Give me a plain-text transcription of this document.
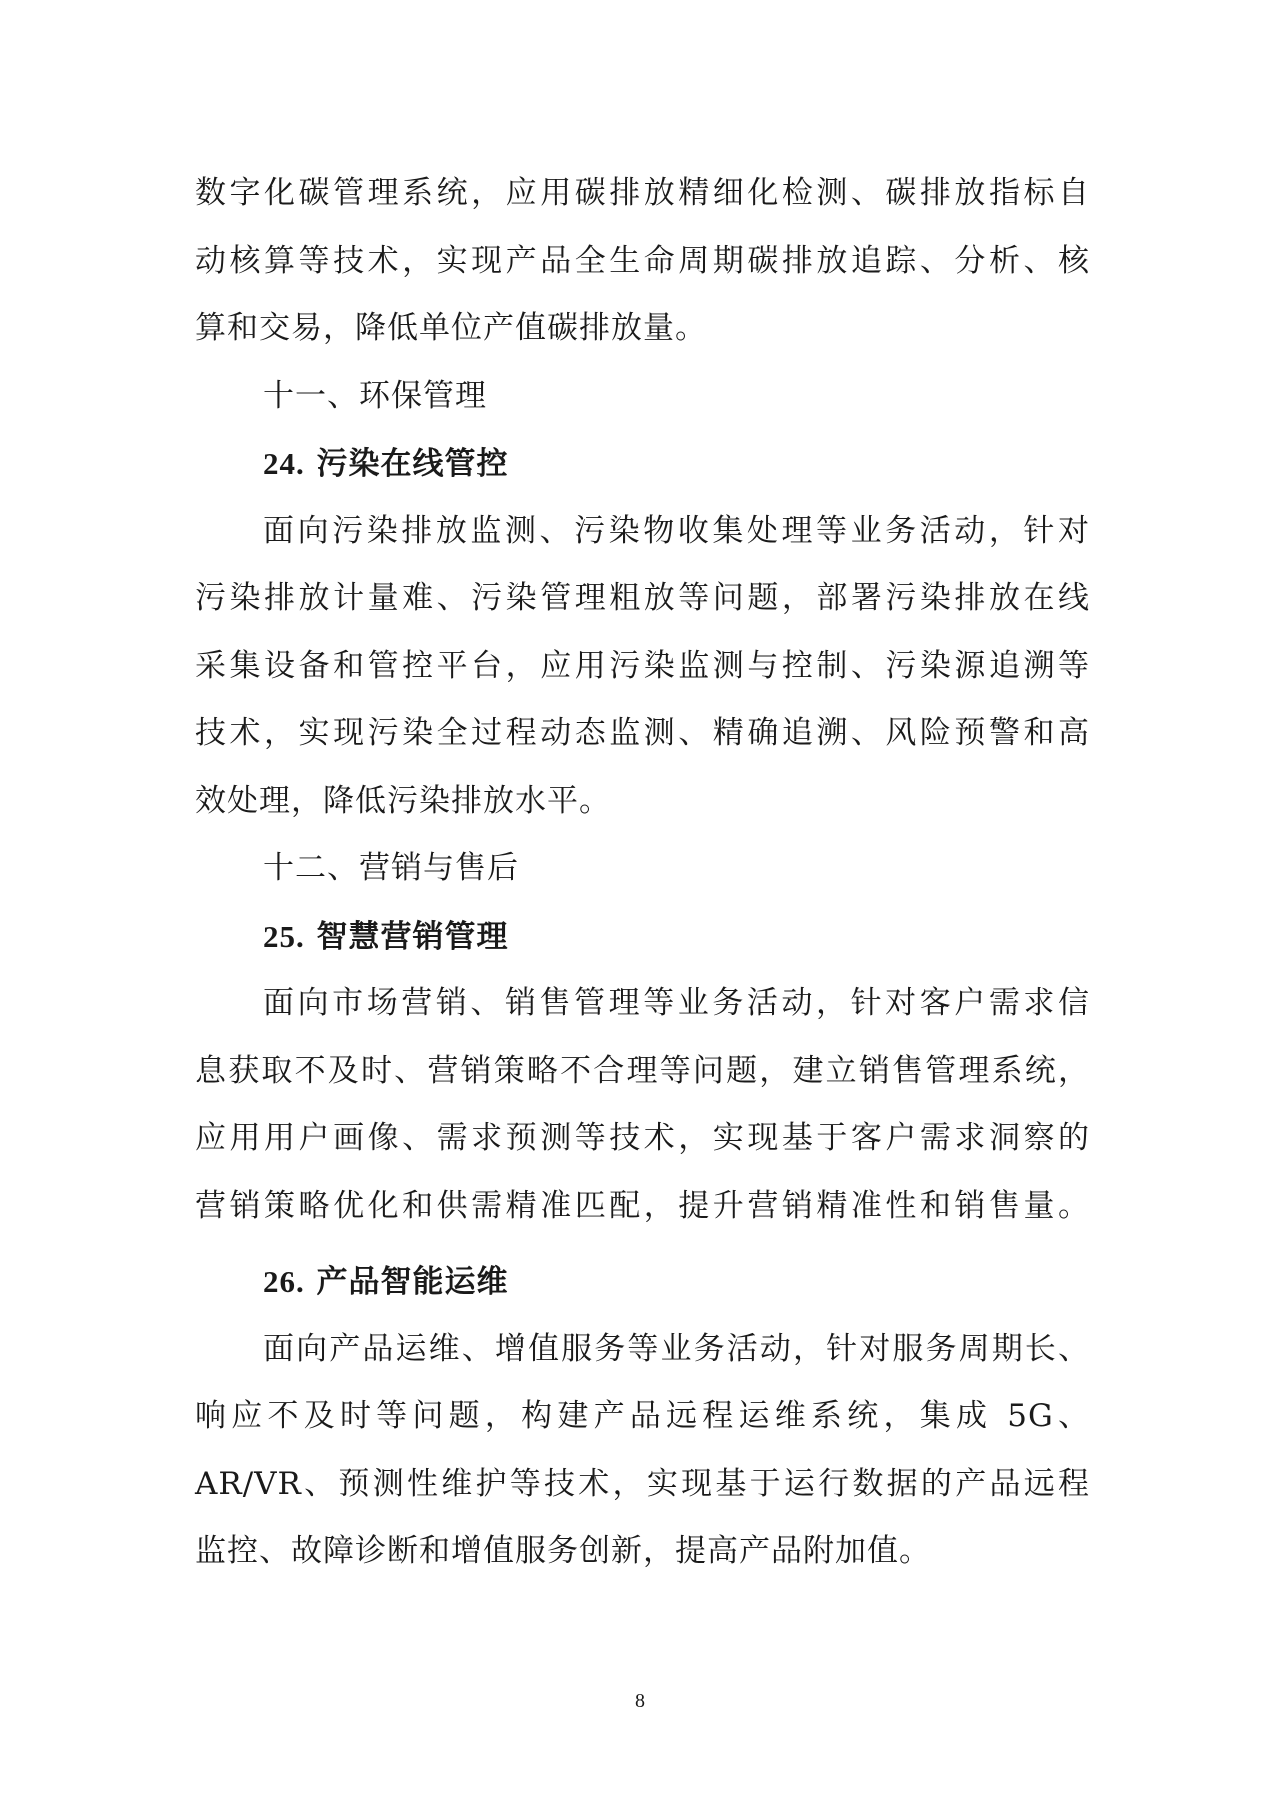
数字化碳管理系统，应用碳排放精细化检测、碳排放指标自
动核算等技术，实现产品全生命周期碳排放追踪、分析、核
算和交易，降低单位产值碳排放量。
十一、环保管理
24. 污染在线管控
面向污染排放监测、污染物收集处理等业务活动，针对
污染排放计量难、污染管理粗放等问题，部署污染排放在线
采集设备和管控平台，应用污染监测与控制、污染源追溯等
技术，实现污染全过程动态监测、精确追溯、风险预警和高
效处理，降低污染排放水平。
十二、营销与售后
25. 智慧营销管理
面向市场营销、销售管理等业务活动，针对客户需求信
息获取不及时、营销策略不合理等问题，建立销售管理系统，
应用用户画像、需求预测等技术，实现基于客户需求洞察的
营销策略优化和供需精准匹配，提升营销精准性和销售量。
26. 产品智能运维
面向产品运维、增值服务等业务活动，针对服务周期长、
响应不及时等问题，构建产品远程运维系统，集成 5G、
AR/VR、预测性维护等技术，实现基于运行数据的产品远程
监控、故障诊断和增值服务创新，提高产品附加值。
8
